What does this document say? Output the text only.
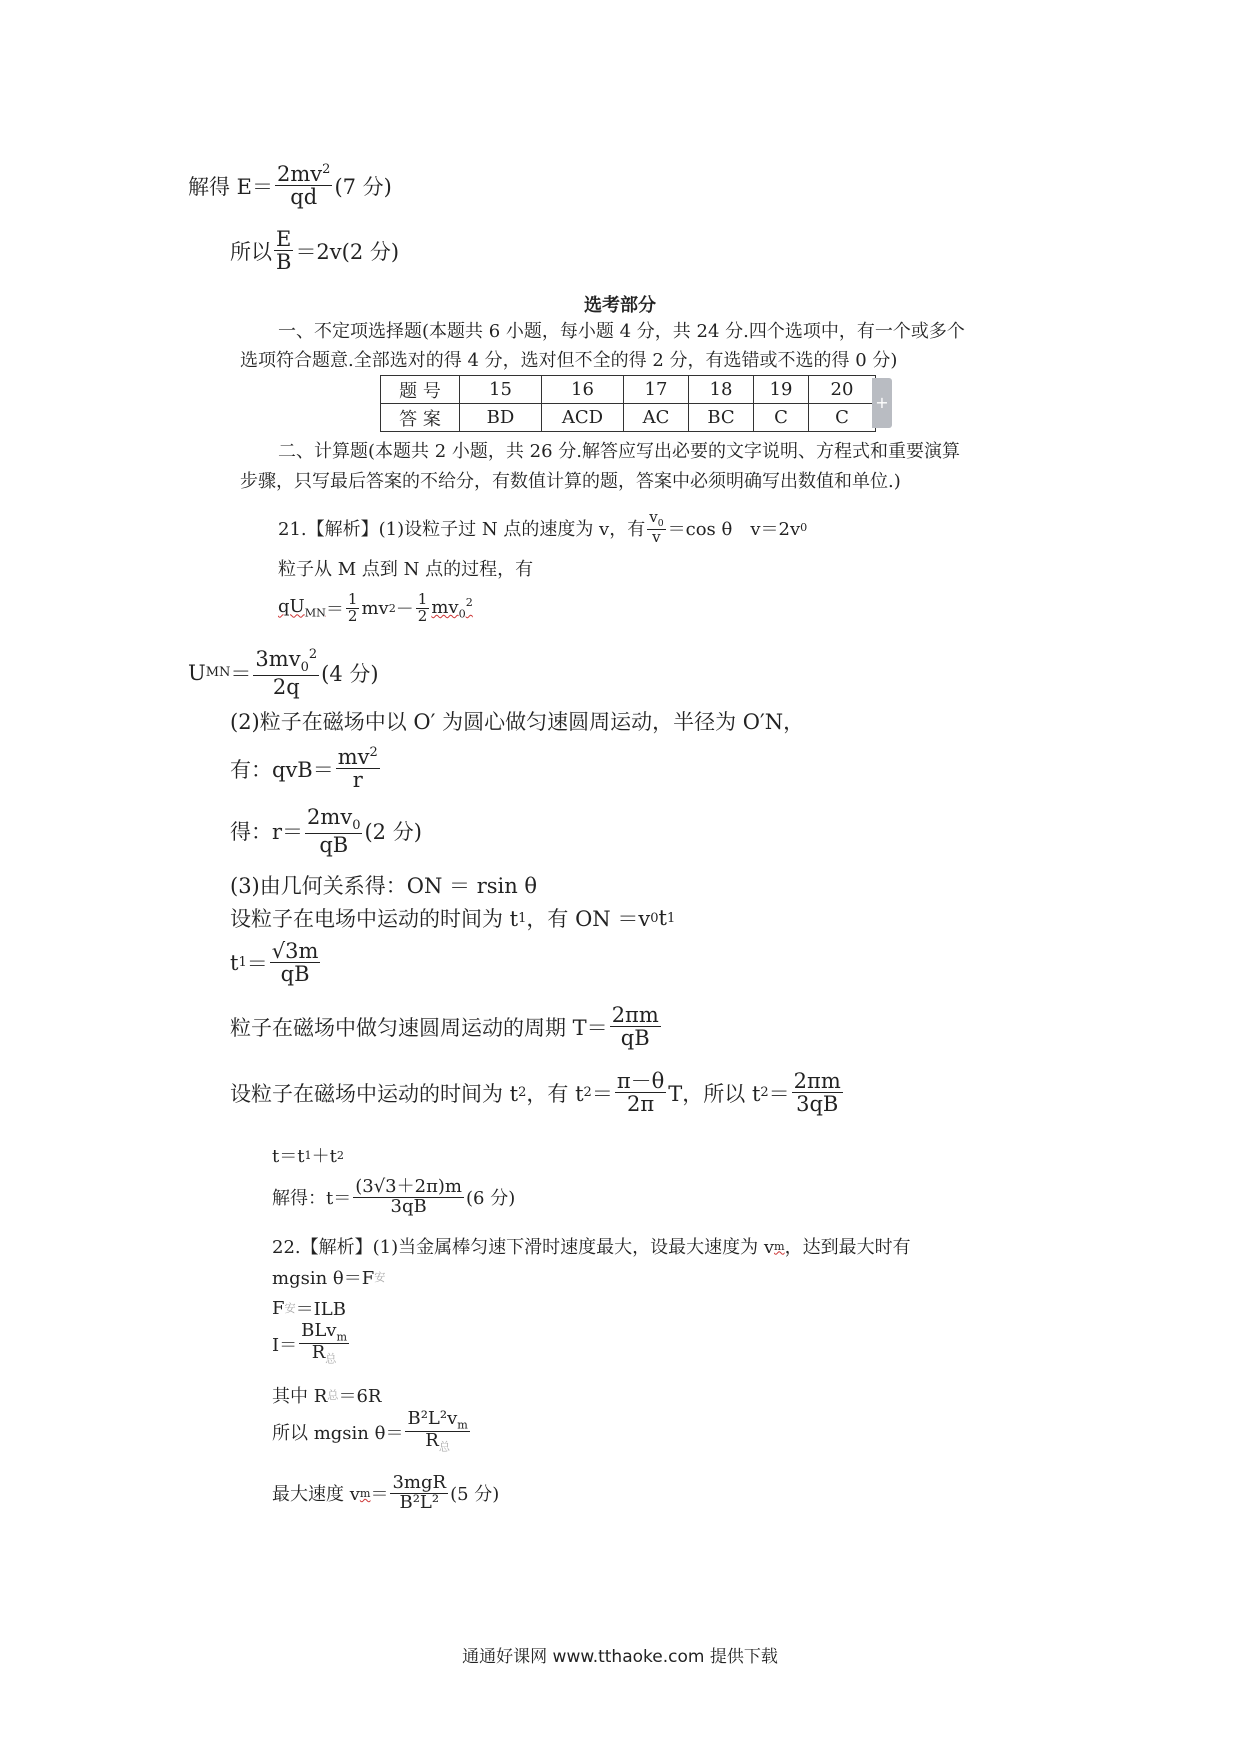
解得 $E= \frac{2mv^2}{qd} (7$ 分)
所以 $\frac{E}{B} =2v(2$ 分)
选考部分
一、不定项选择题(本题共 6 小题，每小题 4 分，共 24 分.四个选项中，有一个或多个
选项符合题意.全部选对的得 4 分，选对但不全的得 2 分，有选错或不选的得 0 分)
题 号	15	16	17	18	19	20
答 案	BD	ACD	AC	BC	C	C
+
二、计算题(本题共 2 小题，共 26 分.解答应写出必要的文字说明、方程式和重要演算
步骤，只写最后答案的不给分，有数值计算的题，答案中必须明确写出数值和单位.)
21.【解析】(1)设粒子过 N 点的速度为 v，有 $\frac{v_0}{v} =\cos$ θ　v＝2v 0
粒子从 M 点到 N 点的过程，有
$qU_{MN} = \frac{1}{2}$ mv $2 - \frac{1}{2} mv_0^2$
U MN ＝ $\frac{3mv_0^2}{2q} (4$ 分)
(2)粒子在磁场中以 O′ 为圆心做匀速圆周运动，半径为 O′N，
有：$qvB= \frac{mv^2}{r}$
得：$r= \frac{2mv_0}{qB} (2$ 分)
(3)由几何关系得：ON ＝ rsin θ
设粒子在电场中运动的时间为 t 1 ，有 ON ＝v 0 t 1
t $1 = \frac{√3m}{qB}$
粒子在磁场中做匀速圆周运动的周期 $T= \frac{2\pi m}{qB}$
设粒子在磁场中运动的时间为 t 2 ，有 t $2 = \frac{\pi-\theta}{2\pi}$ T，所以 t $2 = \frac{2\pi m}{3qB}$
t＝t 1 ＋t 2
解得：$t= \frac{(3√3+2\pi)m}{3qB} (6$ 分)
22.【解析】(1)当金属棒匀速下滑时速度最大，设最大速度为 v m ，达到最大时有
mgsin θ＝F 安
F 安 ＝ILB
$I= \frac{BLv_m}{R_总}$
其中 R 总 ＝6R
所以 mgsin $\theta= \frac{B^2L^2v_m}{R_总}$
最大速度 v $m = \frac{\text{3mgR}}{\text{B²L²}} (5$ 分)
通通好课网 www.tthaoke.com 提供下载
